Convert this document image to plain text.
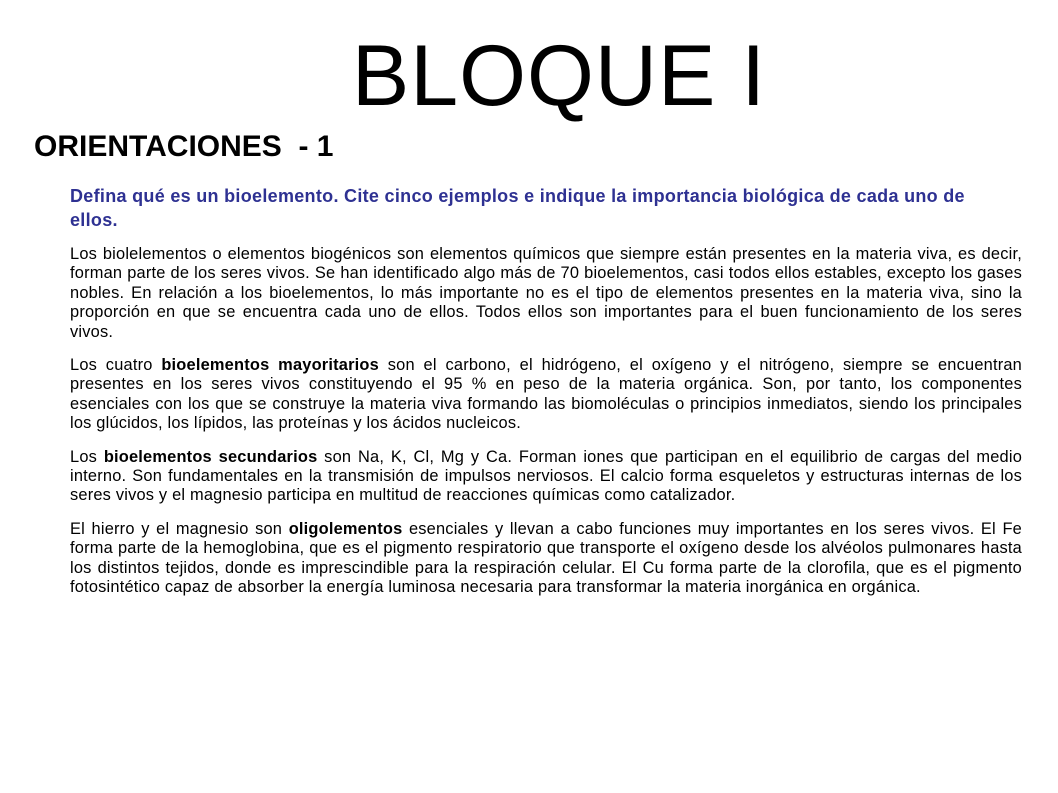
BLOQUE I
ORIENTACIONES  - 1

Defina qué es un bioelemento. Cite cinco ejemplos e indique la importancia biológica de cada uno de ellos.

Los biolelementos o elementos biogénicos son elementos químicos que siempre están presentes en la materia viva, es decir, forman parte de los seres vivos. Se han identificado algo más de 70 bioelementos, casi todos ellos estables, excepto los gases nobles. En relación a los bioelementos, lo más importante no es el tipo de elementos presentes en la materia viva, sino la proporción en que se encuentra cada uno de ellos. Todos ellos son importantes para el buen funcionamiento de los seres vivos.

Los cuatro bioelementos mayoritarios son el carbono, el hidrógeno, el oxígeno y el nitrógeno, siempre se encuentran presentes en los seres vivos constituyendo el 95 % en peso de la materia orgánica. Son, por tanto, los componentes esenciales con los que se construye la materia viva formando las biomoléculas o principios inmediatos, siendo los principales los glúcidos, los lípidos, las proteínas y los ácidos nucleicos.

Los bioelementos secundarios son Na, K, Cl, Mg y Ca. Forman iones que participan en el equilibrio de cargas del medio interno. Son fundamentales en la transmisión de impulsos nerviosos. El calcio forma esqueletos y estructuras internas de los seres vivos y el magnesio participa en multitud de reacciones químicas como catalizador.

El hierro y el magnesio son oligolementos esenciales y llevan a cabo funciones muy importantes en los seres vivos. El Fe forma parte de la hemoglobina, que es el pigmento respiratorio que transporte el oxígeno desde los alvéolos pulmonares hasta los distintos tejidos, donde es imprescindible para la respiración celular. El Cu forma parte de la clorofila, que es el pigmento fotosintético capaz de absorber la energía luminosa necesaria para transformar la materia inorgánica en orgánica.
